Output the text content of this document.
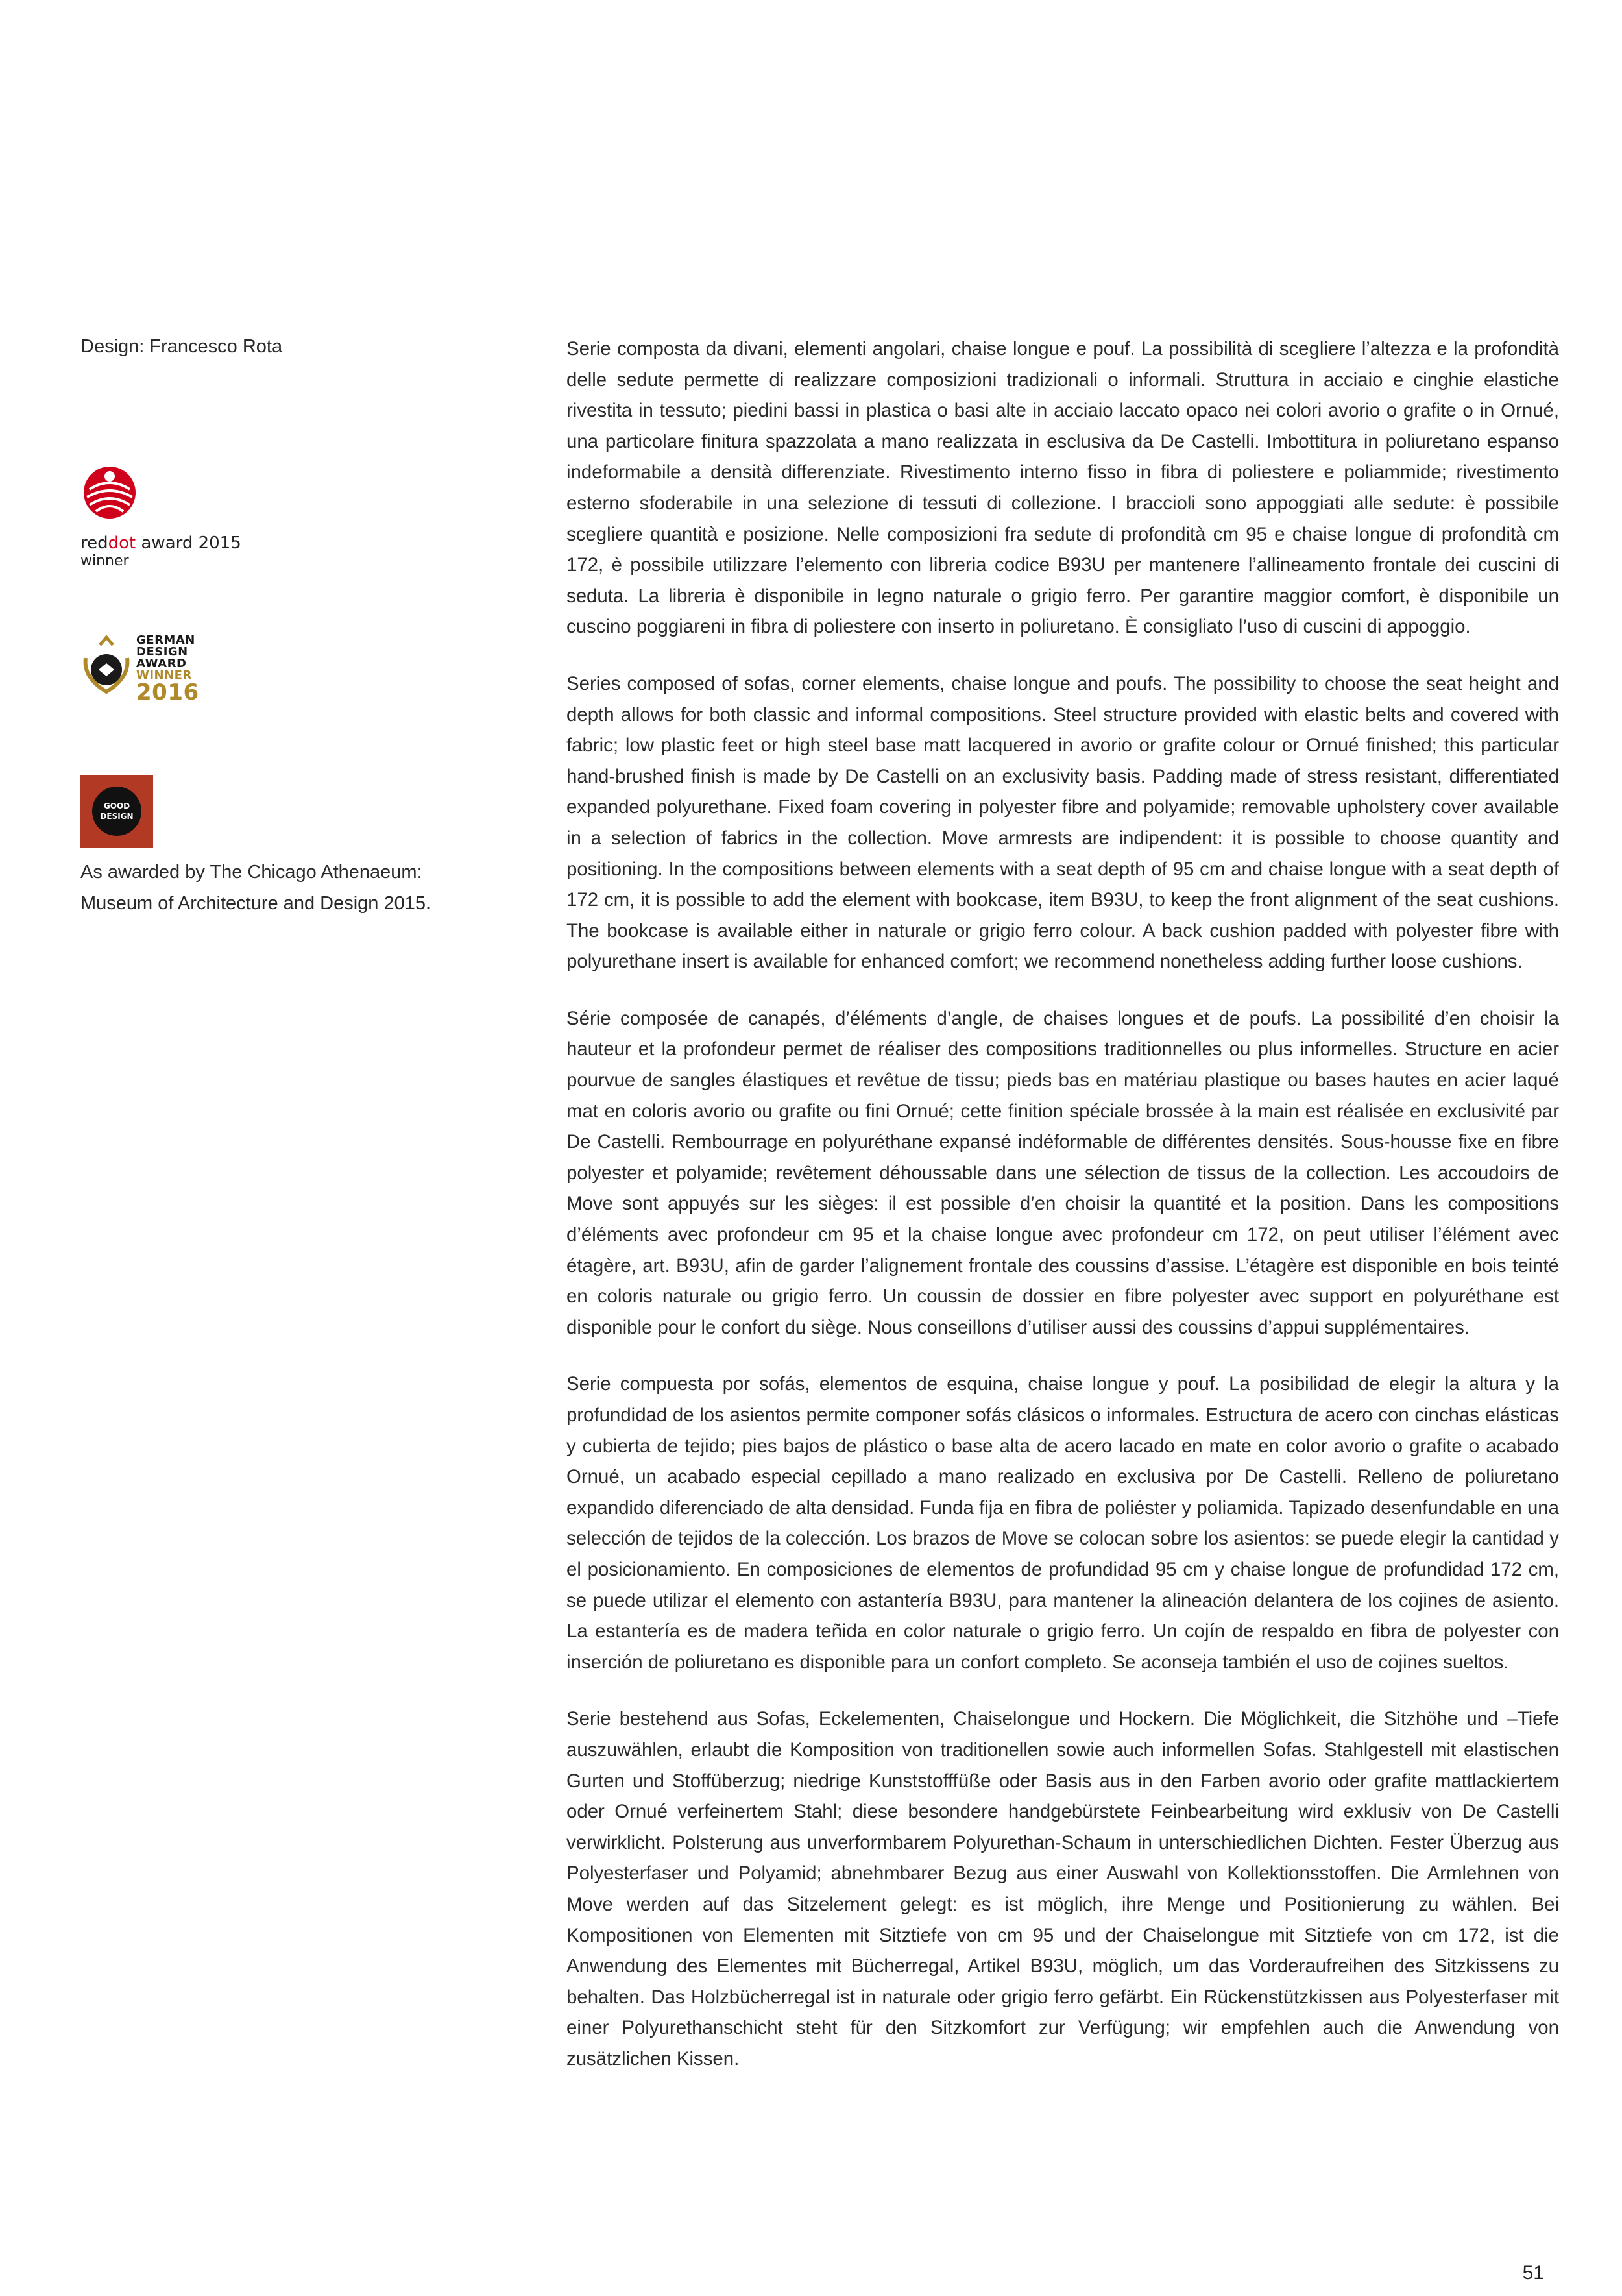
Design: Francesco Rota

reddot award 2015
winner
GERMAN
DESIGN
AWARD
WINNER
2016
GOOD
DESIGN

As awarded by The Chicago Athenaeum:
Museum of Architecture and Design 2015.

Serie composta da divani, elementi angolari, chaise longue e pouf. La possibilità di scegliere l’altezza e la profondità delle sedute permette di realizzare composizioni tradizionali o informali. Struttura in acciaio e cinghie elastiche rivestita in tessuto; piedini bassi in plastica o basi alte in acciaio laccato opaco nei colori avorio o grafite o in Ornué, una particolare finitura spazzolata a mano realizzata in esclusiva da De Castelli. Imbottitura in poliuretano espanso indeformabile a densità differenziate. Rivestimento interno fisso in fibra di poliestere e poliammide; rivestimento esterno sfoderabile in una selezione di tessuti di collezione. I braccioli sono appoggiati alle sedute: è possibile scegliere quantità e posizione. Nelle composizioni fra sedute di profondità cm 95 e chaise longue di profondità cm 172, è possibile utilizzare l’elemento con libreria codice B93U per mantenere l’allineamento frontale dei cuscini di seduta. La libreria è disponibile in legno naturale o grigio ferro. Per garantire maggior comfort, è disponibile un cuscino poggiareni in fibra di poliestere con inserto in poliuretano. È consigliato l’uso di cuscini di appoggio.

Series composed of sofas, corner elements, chaise longue and poufs. The possibility to choose the seat height and depth allows for both classic and informal compositions. Steel structure provided with elastic belts and covered with fabric; low plastic feet or high steel base matt lacquered in avorio or grafite colour or Ornué finished; this particular hand-brushed finish is made by De Castelli on an exclusivity basis. Padding made of stress resistant, differentiated expanded polyurethane. Fixed foam covering in polyester fibre and polyamide; removable upholstery cover available in a selection of fabrics in the collection. Move armrests are indipendent: it is possible to choose quantity and positioning. In the compositions between elements with a seat depth of 95 cm and chaise longue with a seat depth of 172 cm, it is possible to add the element with bookcase, item B93U, to keep the front alignment of the seat cushions. The bookcase is available either in naturale or grigio ferro colour. A back cushion padded with polyester fibre with polyurethane insert is available for enhanced comfort; we recommend nonetheless adding further loose cushions.

Série composée de canapés, d’éléments d’angle, de chaises longues et de poufs. La possibilité d’en choisir la hauteur et la profondeur permet de réaliser des compositions traditionnelles ou plus informelles. Structure en acier pourvue de sangles élastiques et revêtue de tissu; pieds bas en matériau plastique ou bases hautes en acier laqué mat en coloris avorio ou grafite ou fini Ornué; cette finition spéciale brossée à la main est réalisée en exclusivité par De Castelli. Rembourrage en polyuréthane expansé indéformable de différentes densités. Sous-housse fixe en fibre polyester et polyamide; revêtement déhoussable dans une sélection de tissus de la collection. Les accoudoirs de Move sont appuyés sur les sièges: il est possible d’en choisir la quantité et la position. Dans les compositions d’éléments avec profondeur cm 95 et la chaise longue avec profondeur cm 172, on peut utiliser l’élément avec étagère, art. B93U, afin de garder l’alignement frontale des coussins d’assise. L’étagère est disponible en bois teinté en coloris naturale ou grigio ferro. Un coussin de dossier en fibre polyester avec support en polyuréthane est disponible pour le confort du siège. Nous conseillons d’utiliser aussi des coussins d’appui supplémentaires.

Serie compuesta por sofás, elementos de esquina, chaise longue y pouf. La posibilidad de elegir la altura y la profundidad de los asientos permite componer sofás clásicos o informales. Estructura de acero con cinchas elásticas y cubierta de tejido; pies bajos de plástico o base alta de acero lacado en mate en color avorio o grafite o acabado Ornué, un acabado especial cepillado a mano realizado en exclusiva por De Castelli. Relleno de poliuretano expandido diferenciado de alta densidad. Funda fija en fibra de poliéster y poliamida. Tapizado desenfundable en una selección de tejidos de la colección. Los brazos de Move se colocan sobre los asientos: se puede elegir la cantidad y el posicionamiento. En composiciones de elementos de profundidad 95 cm y chaise longue de profundidad 172 cm, se puede utilizar el elemento con astantería B93U, para mantener la alineación delantera de los cojines de asiento. La estantería es de madera teñida en color naturale o grigio ferro. Un cojín de respaldo en fibra de polyester con inserción de poliuretano es disponible para un confort completo. Se aconseja también el uso de cojines sueltos.

Serie bestehend aus Sofas, Eckelementen, Chaiselongue und Hockern. Die Möglichkeit, die Sitzhöhe und –Tiefe auszuwählen, erlaubt die Komposition von traditionellen sowie auch informellen Sofas. Stahlgestell mit elastischen Gurten und Stoffüberzug; niedrige Kunststofffüße oder Basis aus in den Farben avorio oder grafite mattlackiertem oder Ornué verfeinertem Stahl; diese besondere handgebürstete Feinbearbeitung wird exklusiv von De Castelli verwirklicht. Polsterung aus unverformbarem Polyurethan-Schaum in unterschiedlichen Dichten. Fester Überzug aus Polyesterfaser und Polyamid; abnehmbarer Bezug aus einer Auswahl von Kollektionsstoffen. Die Armlehnen von Move werden auf das Sitzelement gelegt: es ist möglich, ihre Menge und Positionierung zu wählen. Bei Kompositionen von Elementen mit Sitztiefe von cm 95 und der Chaiselongue mit Sitztiefe von cm 172, ist die Anwendung des Elementes mit Bücherregal, Artikel B93U, möglich, um das Vorderaufreihen des Sitzkissens zu behalten. Das Holzbücherregal ist in naturale oder grigio ferro gefärbt. Ein Rückenstützkissen aus Polyesterfaser mit einer Polyurethanschicht steht für den Sitzkomfort zur Verfügung; wir empfehlen auch die Anwendung von zusätzlichen Kissen.

51
